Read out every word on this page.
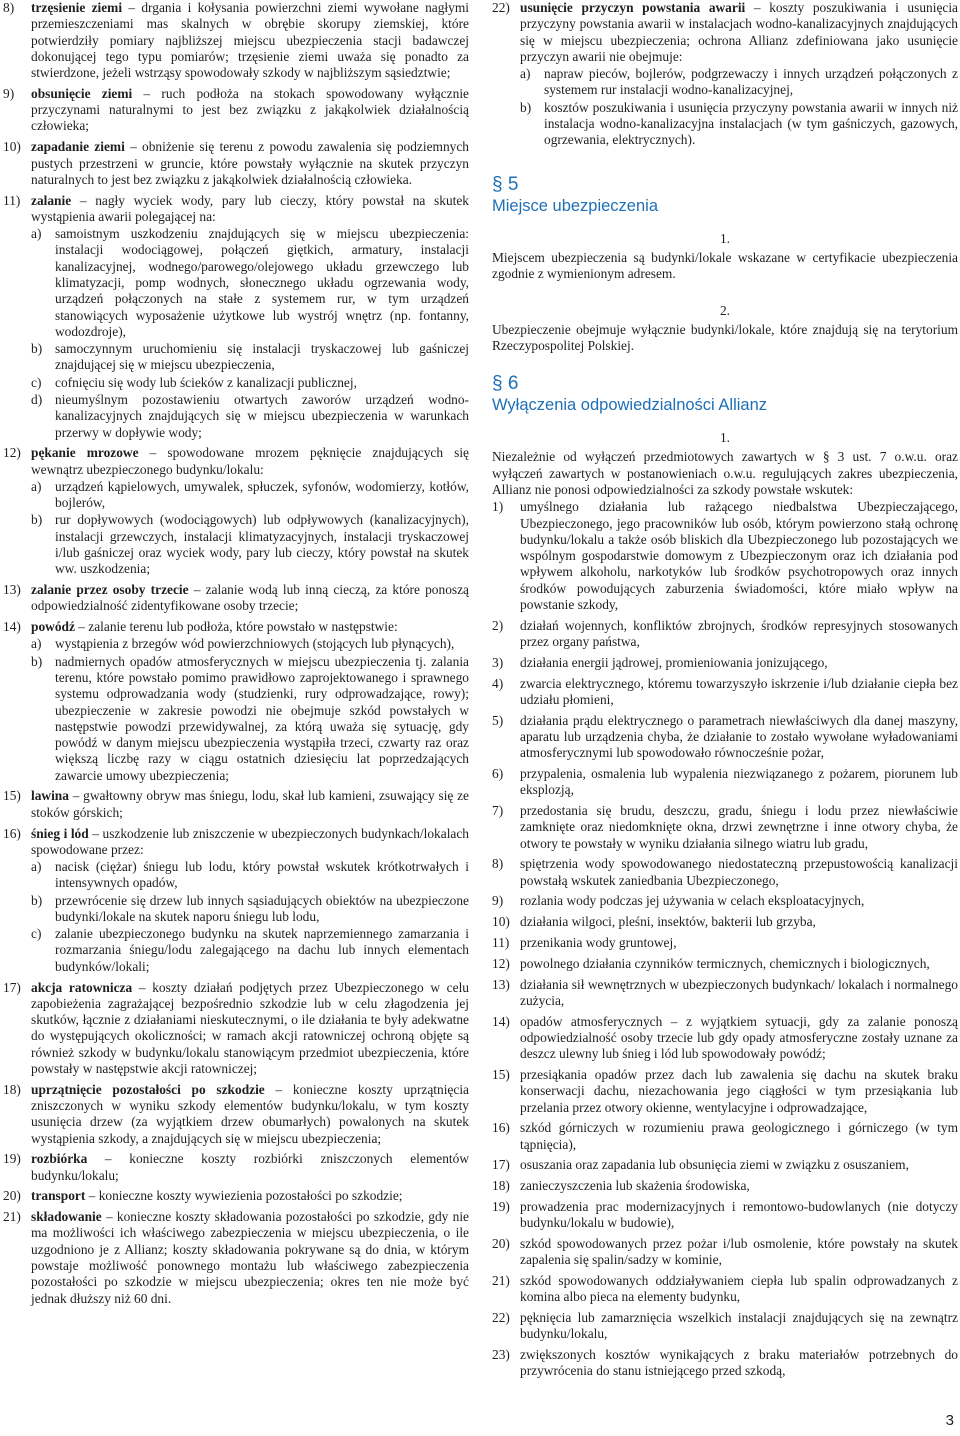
8) trzęsienie ziemi – drgania i kołysania powierzchni ziemi wywołane nagłymi przemieszczeniami mas skalnych w obrębie skorupy ziemskiej, które potwierdziły pomiary najbliższej miejscu ubezpieczenia stacji badawczej dokonującej tego typu pomiarów; trzęsienie ziemi uważa się ponadto za stwierdzone, jeżeli wstrząsy spowodowały szkody w najbliższym sąsiedztwie;
9) obsunięcie ziemi – ruch podłoża na stokach spowodowany wyłącznie przyczynami naturalnymi to jest bez związku z jakąkolwiek działalnością człowieka;
10) zapadanie ziemi – obniżenie się terenu z powodu zawalenia się podziemnych pustych przestrzeni w gruncie, które powstały wyłącznie na skutek przyczyn naturalnych to jest bez związku z jakąkolwiek działalnością człowieka.
11) zalanie – nagły wyciek wody, pary lub cieczy, który powstał na skutek wystąpienia awarii polegającej na:
a) samoistnym uszkodzeniu znajdujących się w miejscu ubezpieczenia: instalacji wodociągowej, połączeń giętkich, armatury, instalacji kanalizacyjnej, wodnego/parowego/olejowego układu grzewczego lub klimatyzacji, pomp wodnych, słonecznego układu ogrzewania wody, urządzeń połączonych na stałe z systemem rur, w tym urządzeń stanowiących wyposażenie użytkowe lub wystrój wnętrz (np. fontanny, wodozdroje),
b) samoczynnym uruchomieniu się instalacji tryskaczowej lub gaśniczej znajdującej się w miejscu ubezpieczenia,
c) cofnięciu się wody lub ścieków z kanalizacji publicznej,
d) nieumyślnym pozostawieniu otwartych zaworów urządzeń wodno-kanalizacyjnych znajdujących się w miejscu ubezpieczenia w warunkach przerwy w dopływie wody;
12) pękanie mrozowe – spowodowane mrozem pęknięcie znajdujących się wewnątrz ubezpieczonego budynku/lokalu:
a) urządzeń kąpielowych, umywalek, spłuczek, syfonów, wodomierzy, kotłów, bojlerów,
b) rur dopływowych (wodociągowych) lub odpływowych (kanalizacyjnych), instalacji grzewczych, instalacji klimatyzacyjnych, instalacji tryskaczowej i/lub gaśniczej oraz wyciek wody, pary lub cieczy, który powstał na skutek ww. uszkodzenia;
13) zalanie przez osoby trzecie – zalanie wodą lub inną cieczą, za które ponoszą odpowiedzialność zidentyfikowane osoby trzecie;
14) powódź – zalanie terenu lub podłoża, które powstało w następstwie:
a) wystąpienia z brzegów wód powierzchniowych (stojących lub płynących),
b) nadmiernych opadów atmosferycznych w miejscu ubezpieczenia tj. zalania terenu, które powstało pomimo prawidłowo zaprojektowanego i sprawnego systemu odprowadzania wody (studzienki, rury odprowadzające, rowy); ubezpieczenie w zakresie powodzi nie obejmuje szkód powstałych w następstwie powodzi przewidywalnej, za którą uważa się sytuację, gdy powódź w danym miejscu ubezpieczenia wystąpiła trzeci, czwarty raz oraz większą liczbę razy w ciągu ostatnich dziesięciu lat poprzedzających zawarcie umowy ubezpieczenia;
15) lawina – gwałtowny obryw mas śniegu, lodu, skał lub kamieni, zsuwający się ze stoków górskich;
16) śnieg i lód – uszkodzenie lub zniszczenie w ubezpieczonych budynkach/lokalach spowodowane przez:
a) nacisk (ciężar) śniegu lub lodu, który powstał wskutek krótkotrwałych i intensywnych opadów,
b) przewrócenie się drzew lub innych sąsiadujących obiektów na ubezpieczone budynki/lokale na skutek naporu śniegu lub lodu,
c) zalanie ubezpieczonego budynku na skutek naprzemiennego zamarzania i rozmarzania śniegu/lodu zalegającego na dachu lub innych elementach budynków/lokali;
17) akcja ratownicza – koszty działań podjętych przez Ubezpieczonego w celu zapobieżenia zagrażającej bezpośrednio szkodzie lub w celu złagodzenia jej skutków, łącznie z działaniami nieskutecznymi, o ile działania te były adekwatne do występujących okoliczności; w ramach akcji ratowniczej ochroną objęte są również szkody w budynku/lokalu stanowiącym przedmiot ubezpieczenia, które powstały w następstwie akcji ratowniczej;
18) uprzątnięcie pozostałości po szkodzie – konieczne koszty uprzątnięcia zniszczonych w wyniku szkody elementów budynku/lokalu, w tym koszty usunięcia drzew (za wyjątkiem drzew obumarłych) powalonych na skutek wystąpienia szkody, a znajdujących się w miejscu ubezpieczenia;
19) rozbiórka – konieczne koszty rozbiórki zniszczonych elementów budynku/lokalu;
20) transport – konieczne koszty wywiezienia pozostałości po szkodzie;
21) składowanie – konieczne koszty składowania pozostałości po szkodzie, gdy nie ma możliwości ich właściwego zabezpieczenia w miejscu ubezpieczenia, o ile uzgodniono je z Allianz; koszty składowania pokrywane są do dnia, w którym powstaje możliwość ponownego montażu lub właściwego zabezpieczenia pozostałości po szkodzie w miejscu ubezpieczenia; okres ten nie może być jednak dłuższy niż 60 dni.
22) usunięcie przyczyn powstania awarii – koszty poszukiwania i usunięcia przyczyny powstania awarii w instalacjach wodno-kanalizacyjnych znajdujących się w miejscu ubezpieczenia; ochrona Allianz zdefiniowana jako usunięcie przyczyn awarii nie obejmuje:
a) napraw pieców, bojlerów, podgrzewaczy i innych urządzeń połączonych z systemem rur instalacji wodno-kanalizacyjnej,
b) kosztów poszukiwania i usunięcia przyczyny powstania awarii w innych niż instalacja wodno-kanalizacyjna instalacjach (w tym gaśniczych, gazowych, ogrzewania, elektrycznych).
§ 5
Miejsce ubezpieczenia
1.
Miejscem ubezpieczenia są budynki/lokale wskazane w certyfikacie ubezpieczenia zgodnie z wymienionym adresem.
2.
Ubezpieczenie obejmuje wyłącznie budynki/lokale, które znajdują się na terytorium Rzeczypospolitej Polskiej.
§ 6
Wyłączenia odpowiedzialności Allianz
1.
Niezależnie od wyłączeń przedmiotowych zawartych w § 3 ust. 7 o.w.u. oraz wyłączeń zawartych w postanowieniach o.w.u. regulujących zakres ubezpieczenia, Allianz nie ponosi odpowiedzialności za szkody powstałe wskutek:
1) umyślnego działania lub rażącego niedbalstwa Ubezpieczającego, Ubezpieczonego, jego pracowników lub osób, którym powierzono stałą ochronę budynku/lokalu a także osób bliskich dla Ubezpieczonego lub pozostających we wspólnym gospodarstwie domowym z Ubezpieczonym oraz ich działania pod wpływem alkoholu, narkotyków lub środków psychotropowych oraz innych środków powodujących zaburzenia świadomości, które miało wpływ na powstanie szkody,
2) działań wojennych, konfliktów zbrojnych, środków represyjnych stosowanych przez organy państwa,
3) działania energii jądrowej, promieniowania jonizującego,
4) zwarcia elektrycznego, któremu towarzyszyło iskrzenie i/lub działanie ciepła bez udziału płomieni,
5) działania prądu elektrycznego o parametrach niewłaściwych dla danej maszyny, aparatu lub urządzenia chyba, że działanie to zostało wywołane wyładowaniami atmosferycznymi lub spowodowało równocześnie pożar,
6) przypalenia, osmalenia lub wypalenia niezwiązanego z pożarem, piorunem lub eksplozją,
7) przedostania się brudu, deszczu, gradu, śniegu i lodu przez niewłaściwie zamknięte oraz niedomknięte okna, drzwi zewnętrzne i inne otwory chyba, że otwory te powstały w wyniku działania silnego wiatru lub gradu,
8) spiętrzenia wody spowodowanego niedostateczną przepustowością kanalizacji powstałą wskutek zaniedbania Ubezpieczonego,
9) rozlania wody podczas jej używania w celach eksploatacyjnych,
10) działania wilgoci, pleśni, insektów, bakterii lub grzyba,
11) przenikania wody gruntowej,
12) powolnego działania czynników termicznych, chemicznych i biologicznych,
13) działania sił wewnętrznych w ubezpieczonych budynkach/ lokalach i normalnego zużycia,
14) opadów atmosferycznych – z wyjątkiem sytuacji, gdy za zalanie ponoszą odpowiedzialność osoby trzecie lub gdy opady atmosferyczne zostały uznane za deszcz ulewny lub śnieg i lód lub spowodowały powódź;
15) przesiąkania opadów przez dach lub zawalenia się dachu na skutek braku konserwacji dachu, niezachowania jego ciągłości w tym przesiąkania lub przelania przez otwory okienne, wentylacyjne i odprowadzające,
16) szkód górniczych w rozumieniu prawa geologicznego i górniczego (w tym tąpnięcia),
17) osuszania oraz zapadania lub obsunięcia ziemi w związku z osuszaniem,
18) zanieczyszczenia lub skażenia środowiska,
19) prowadzenia prac modernizacyjnych i remontowo-budowlanych (nie dotyczy budynku/lokalu w budowie),
20) szkód spowodowanych przez pożar i/lub osmolenie, które powstały na skutek zapalenia się spalin/sadzy w kominie,
21) szkód spowodowanych oddziaływaniem ciepła lub spalin odprowadzanych z komina albo pieca na elementy budynku,
22) pęknięcia lub zamarznięcia wszelkich instalacji znajdujących się na zewnątrz budynku/lokalu,
23) zwiększonych kosztów wynikających z braku materiałów potrzebnych do przywrócenia do stanu istniejącego przed szkodą,
3
